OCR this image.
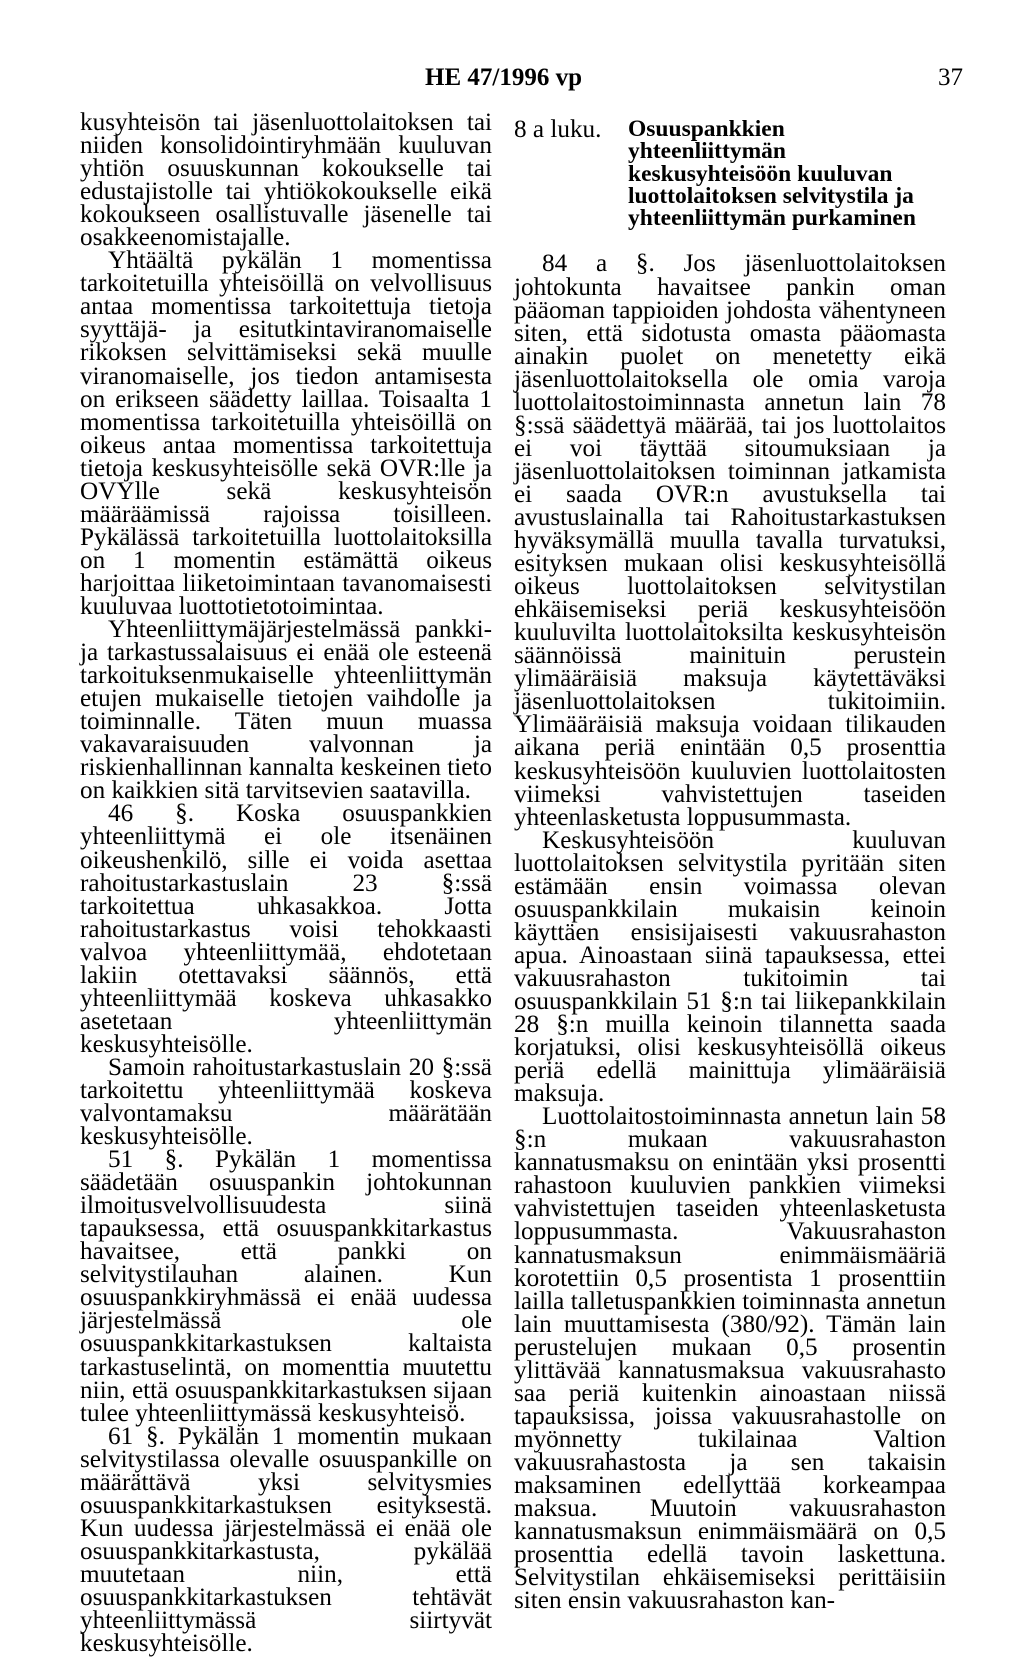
HE 47/1996 vp	37

kusyhteisön tai jäsenluottolaitoksen tai niiden konsolidointiryhmään kuuluvan yhtiön osuuskunnan kokoukselle tai edustajistolle tai yhtiökokoukselle eikä kokoukseen osallistuvalle jäsenelle tai osakkeenomistajalle.

Yhtäältä pykälän 1 momentissa tarkoitetuilla yhteisöillä on velvollisuus antaa momentissa tarkoitettuja tietoja syyttäjä- ja esitutkintaviranomaiselle rikoksen selvittämiseksi sekä muulle viranomaiselle, jos tiedon antamisesta on erikseen säädetty laillaa. Toisaalta 1 momentissa tarkoitetuilla yhteisöillä on oikeus antaa momentissa tarkoitettuja tietoja keskusyhteisölle sekä OVR:lle ja OVYlle sekä keskusyhteisön määräämissä rajoissa toisilleen. Pykälässä tarkoitetuilla luottolaitoksilla on 1 momentin estämättä oikeus harjoittaa liiketoimintaan tavanomaisesti kuuluvaa luottotietotoimintaa.

Yhteenliittymäjärjestelmässä pankki- ja tarkastussalaisuus ei enää ole esteenä tarkoituksenmukaiselle yhteenliittymän etujen mukaiselle tietojen vaihdolle ja toiminnalle. Täten muun muassa vakavaraisuuden valvonnan ja riskienhallinnan kannalta keskeinen tieto on kaikkien sitä tarvitsevien saatavilla.

46 §. Koska osuuspankkien yhteenliittymä ei ole itsenäinen oikeushenkilö, sille ei voida asettaa rahoitustarkastuslain 23 §:ssä tarkoitettua uhkasakkoa. Jotta rahoitustarkastus voisi tehokkaasti valvoa yhteenliittymää, ehdotetaan lakiin otettavaksi säännös, että yhteenliittymää koskeva uhkasakko asetetaan yhteenliittymän keskusyhteisölle.

Samoin rahoitustarkastuslain 20 §:ssä tarkoitettu yhteenliittymää koskeva valvontamaksu määrätään keskusyhteisölle.

51 §. Pykälän 1 momentissa säädetään osuuspankin johtokunnan ilmoitusvelvollisuudesta siinä tapauksessa, että osuuspankkitarkastus havaitsee, että pankki on selvitystilauhan alainen. Kun osuuspankkiryhmässä ei enää uudessa järjestelmässä ole osuuspankkitarkastuksen kaltaista tarkastuselintä, on momenttia muutettu niin, että osuuspankkitarkastuksen sijaan tulee yhteenliittymässä keskusyhteisö.

61 §. Pykälän 1 momentin mukaan selvitystilassa olevalle osuuspankille on määrättävä yksi selvitysmies osuuspankkitarkastuksen esityksestä. Kun uudessa järjestelmässä ei enää ole osuuspankkitarkastusta, pykälää muutetaan niin, että osuuspankkitarkastuksen tehtävät yhteenliittymässä siirtyvät keskusyhteisölle.

8 a luku. Osuuspankkien yhteenliittymän keskusyhteisöön kuuluvan luottolaitoksen selvitystila ja yhteenliittymän purkaminen

84 a §. Jos jäsenluottolaitoksen johtokunta havaitsee pankin oman pääoman tappioiden johdosta vähentyneen siten, että sidotusta omasta pääomasta ainakin puolet on menetetty eikä jäsenluottolaitoksella ole omia varoja luottolaitostoiminnasta annetun lain 78 §:ssä säädettyä määrää, tai jos luottolaitos ei voi täyttää sitoumuksiaan ja jäsenluottolaitoksen toiminnan jatkamista ei saada OVR:n avustuksella tai avustuslainalla tai Rahoitustarkastuksen hyväksymällä muulla tavalla turvatuksi, esityksen mukaan olisi keskusyhteisöllä oikeus luottolaitoksen selvitystilan ehkäisemiseksi periä keskusyhteisöön kuuluvilta luottolaitoksilta keskusyhteisön säännöissä mainituin perustein ylimääräisiä maksuja käytettäväksi jäsenluottolaitoksen tukitoimiin. Ylimääräisiä maksuja voidaan tilikauden aikana periä enintään 0,5 prosenttia keskusyhteisöön kuuluvien luottolaitosten viimeksi vahvistettujen taseiden yhteenlasketusta loppusummasta.

Keskusyhteisöön kuuluvan luottolaitoksen selvitystila pyritään siten estämään ensin voimassa olevan osuuspankkilain mukaisin keinoin käyttäen ensisijaisesti vakuusrahaston apua. Ainoastaan siinä tapauksessa, ettei vakuusrahaston tukitoimin tai osuuspankkilain 51 §:n tai liikepankkilain 28 §:n muilla keinoin tilannetta saada korjatuksi, olisi keskusyhteisöllä oikeus periä edellä mainittuja ylimääräisiä maksuja.

Luottolaitostoiminnasta annetun lain 58 §:n mukaan vakuusrahaston kannatusmaksu on enintään yksi prosentti rahastoon kuuluvien pankkien viimeksi vahvistettujen taseiden yhteenlasketusta loppusummasta. Vakuusrahaston kannatusmaksun enimmäismääriä korotettiin 0,5 prosentista 1 prosenttiin lailla talletuspankkien toiminnasta annetun lain muuttamisesta (380/92). Tämän lain perustelujen mukaan 0,5 prosentin ylittävää kannatusmaksua vakuusrahasto saa periä kuitenkin ainoastaan niissä tapauksissa, joissa vakuusrahastolle on myönnetty tukilainaa Valtion vakuusrahastosta ja sen takaisin maksaminen edellyttää korkeampaa maksua. Muutoin vakuusrahaston kannatusmaksun enimmäismäärä on 0,5 prosenttia edellä tavoin laskettuna. Selvitystilan ehkäisemiseksi perittäisiin siten ensin vakuusrahaston kan-
